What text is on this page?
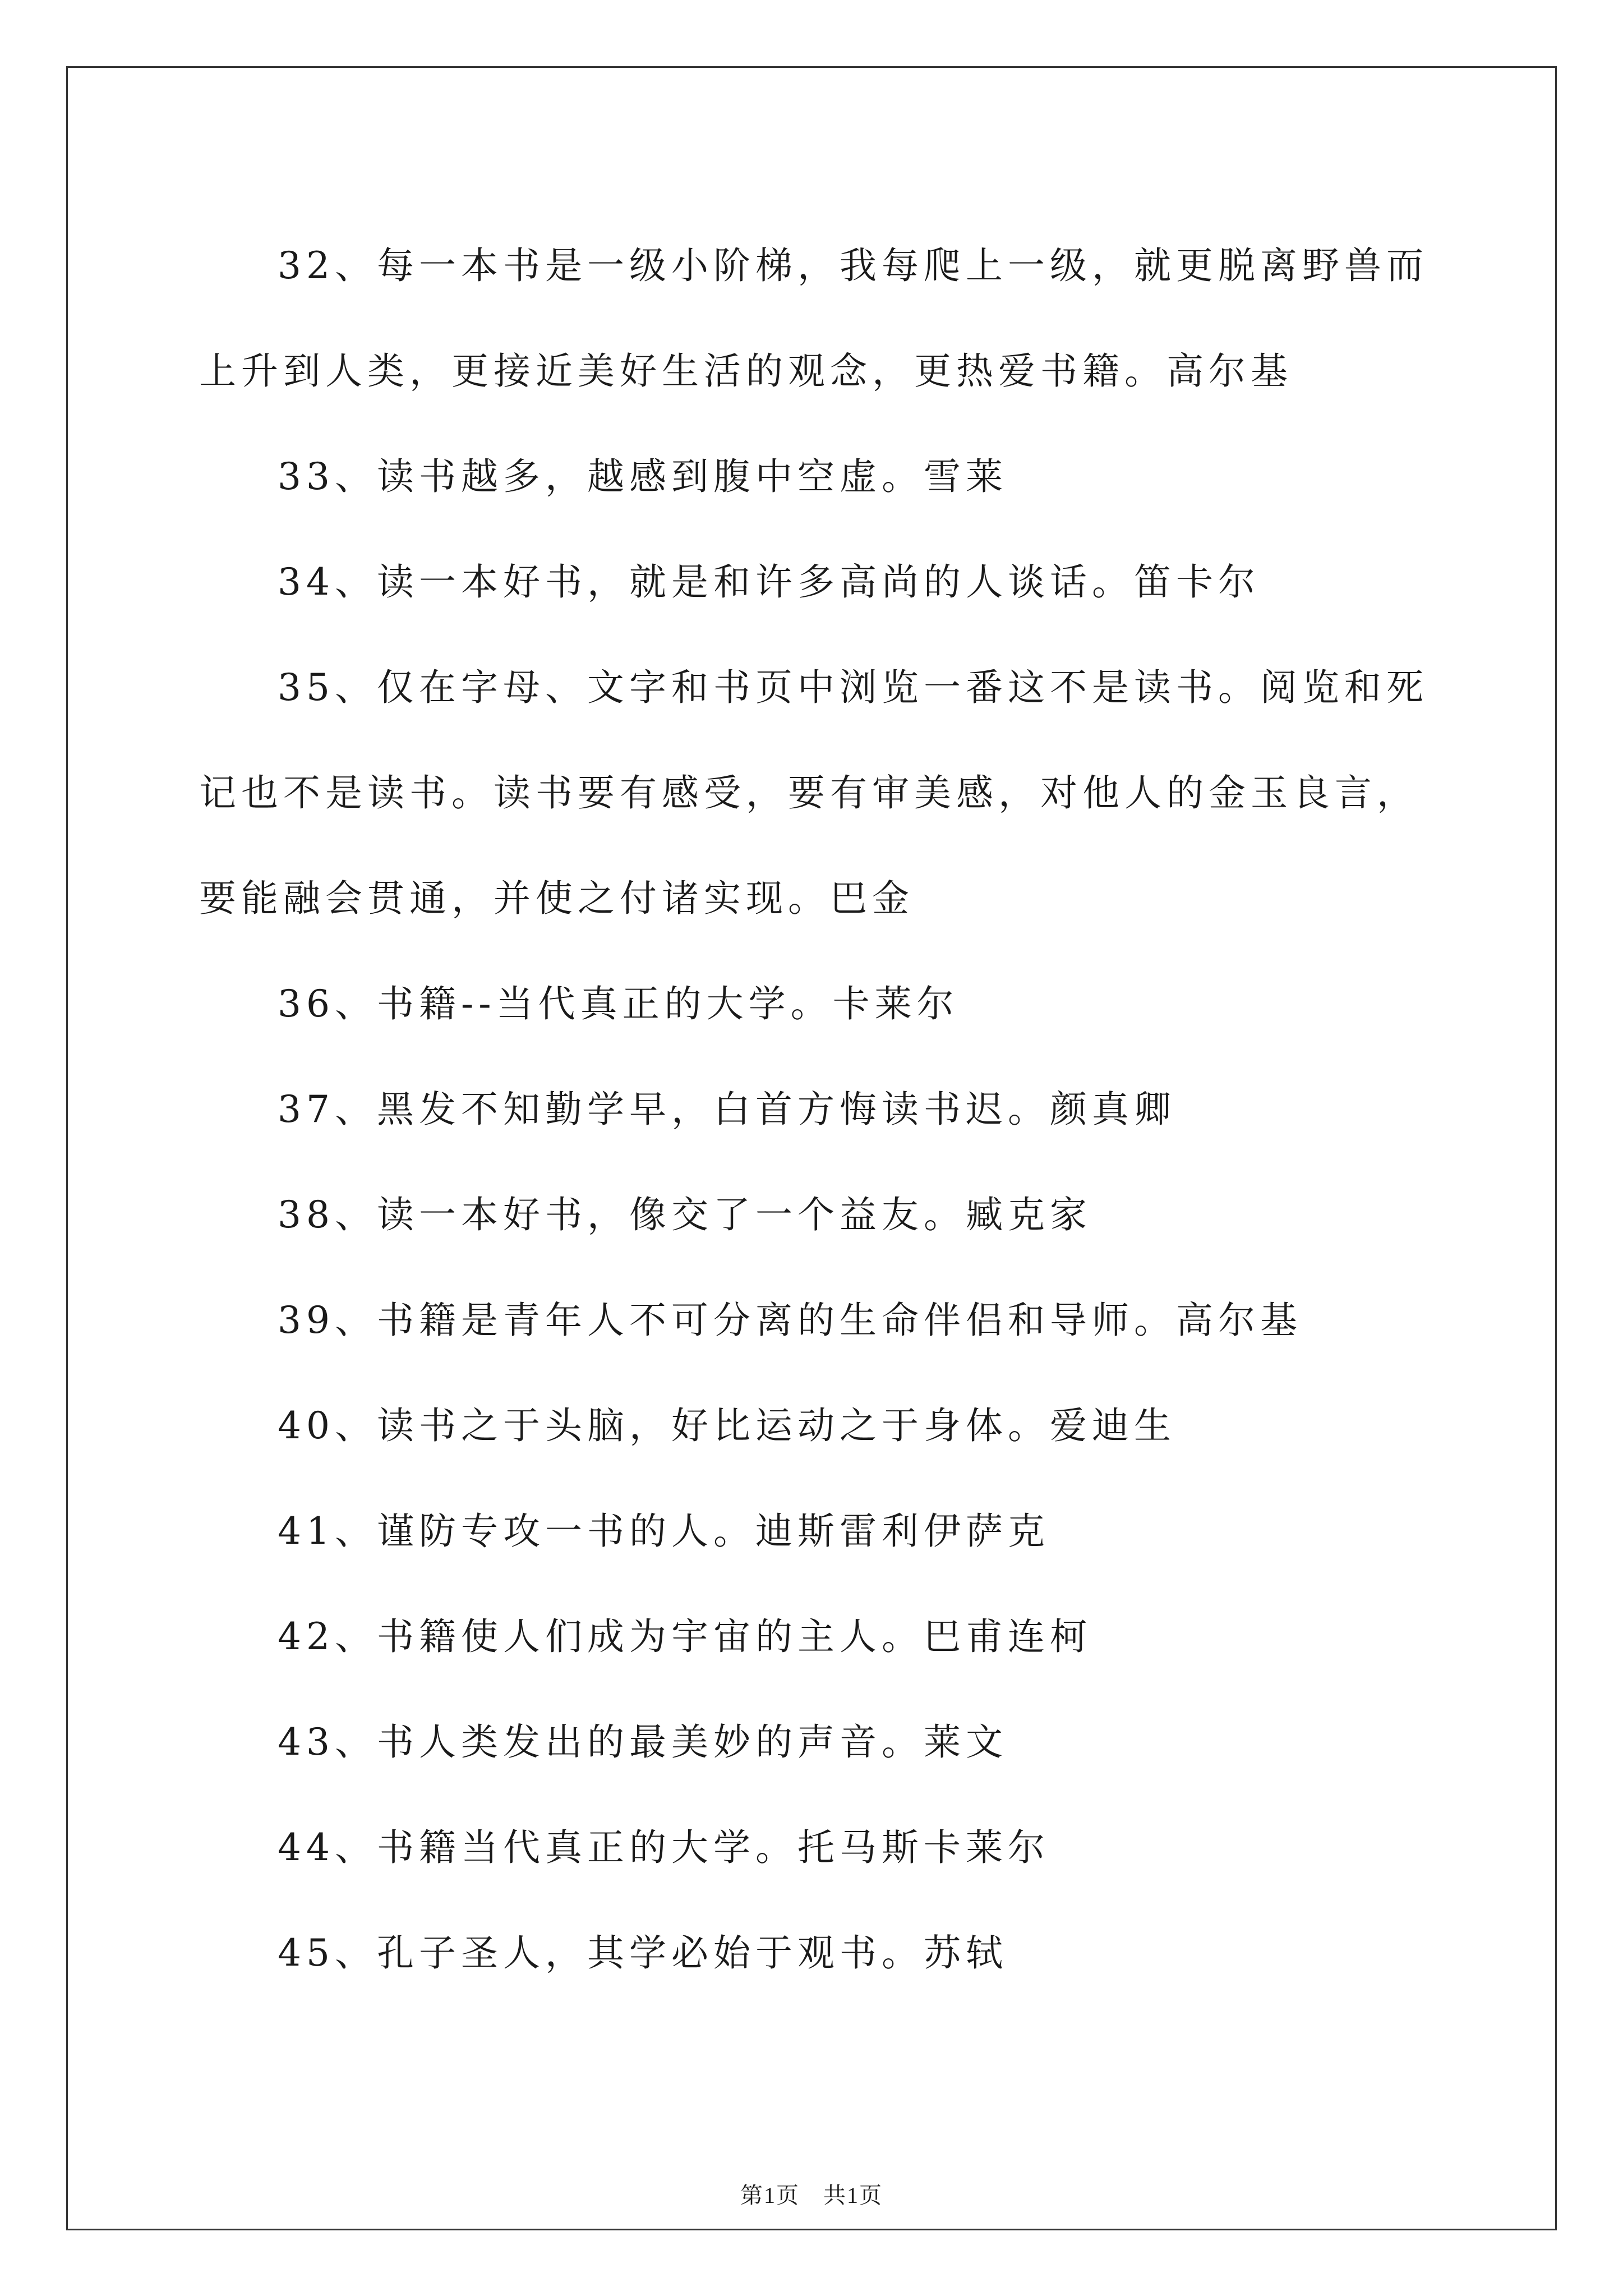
32、每一本书是一级小阶梯，我每爬上一级，就更脱离野兽而上升到人类，更接近美好生活的观念，更热爱书籍。高尔基

33、读书越多，越感到腹中空虚。雪莱

34、读一本好书，就是和许多高尚的人谈话。笛卡尔

35、仅在字母、文字和书页中浏览一番这不是读书。阅览和死记也不是读书。读书要有感受，要有审美感，对他人的金玉良言，要能融会贯通，并使之付诸实现。巴金

36、书籍--当代真正的大学。卡莱尔

37、黑发不知勤学早，白首方悔读书迟。颜真卿

38、读一本好书，像交了一个益友。臧克家

39、书籍是青年人不可分离的生命伴侣和导师。高尔基

40、读书之于头脑，好比运动之于身体。爱迪生

41、谨防专攻一书的人。迪斯雷利伊萨克

42、书籍使人们成为宇宙的主人。巴甫连柯

43、书人类发出的最美妙的声音。莱文

44、书籍当代真正的大学。托马斯卡莱尔

45、孔子圣人，其学必始于观书。苏轼

第1页　共1页
